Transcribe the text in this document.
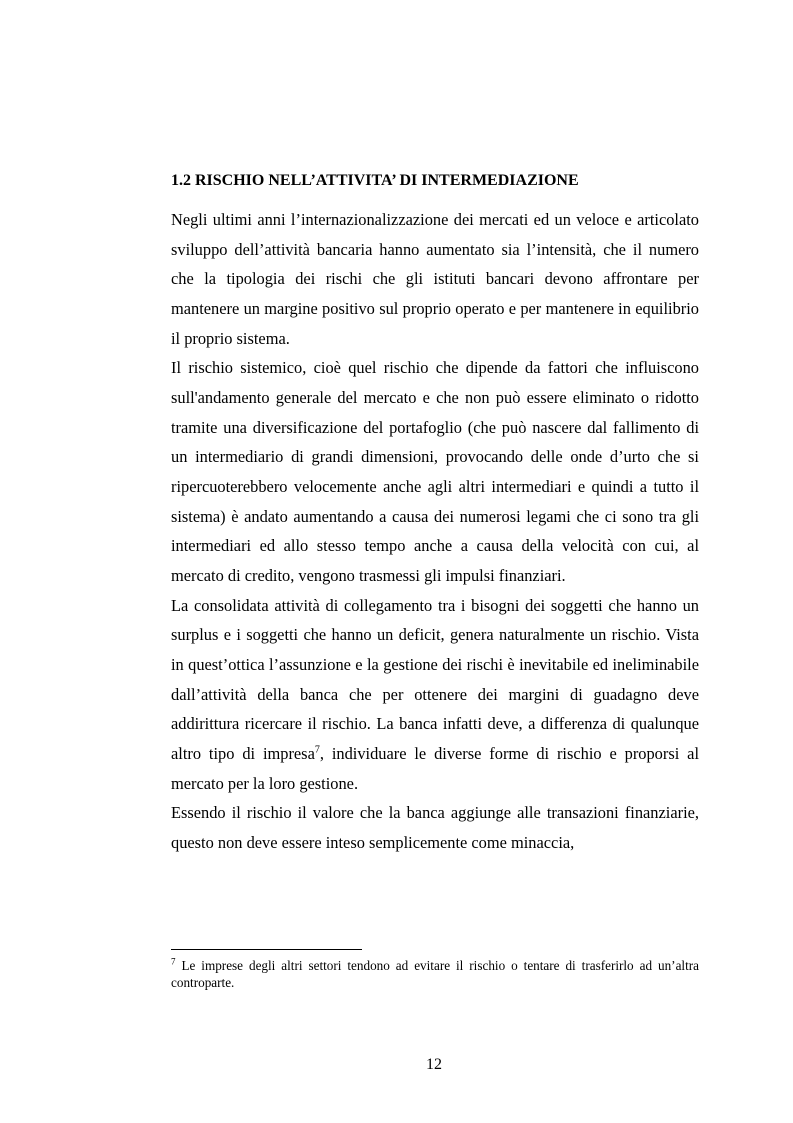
1.2 RISCHIO NELL’ATTIVITA’ DI INTERMEDIAZIONE

Negli ultimi anni l’internazionalizzazione dei mercati ed un veloce e articolato sviluppo dell’attività bancaria hanno aumentato sia l’intensità, che il numero che la tipologia dei rischi che gli istituti bancari devono affrontare per mantenere un margine positivo sul proprio operato e per mantenere in equilibrio il proprio sistema.

Il rischio sistemico, cioè quel rischio che dipende da fattori che influiscono sull'andamento generale del mercato e che non può essere eliminato o ridotto tramite una diversificazione del portafoglio (che può nascere dal fallimento di un intermediario di grandi dimensioni, provocando delle onde d’urto che si ripercuoterebbero velocemente anche agli altri intermediari e quindi a tutto il sistema) è andato aumentando a causa dei numerosi legami che ci sono tra gli intermediari ed allo stesso tempo anche a causa della velocità con cui, al mercato di credito, vengono trasmessi gli impulsi finanziari.

La consolidata attività di collegamento tra i bisogni dei soggetti che hanno un surplus e i soggetti che hanno un deficit, genera naturalmente un rischio. Vista in quest’ottica l’assunzione e la gestione dei rischi è inevitabile ed ineliminabile dall’attività della banca che per ottenere dei margini di guadagno deve addirittura ricercare il rischio. La banca infatti deve, a differenza di qualunque altro tipo di impresa$^7$, individuare le diverse forme di rischio e proporsi al mercato per la loro gestione.

Essendo il rischio il valore che la banca aggiunge alle transazioni finanziarie, questo non deve essere inteso semplicemente come minaccia,

$^7$ Le imprese degli altri settori tendono ad evitare il rischio o tentare di trasferirlo ad un’altra controparte.

12
